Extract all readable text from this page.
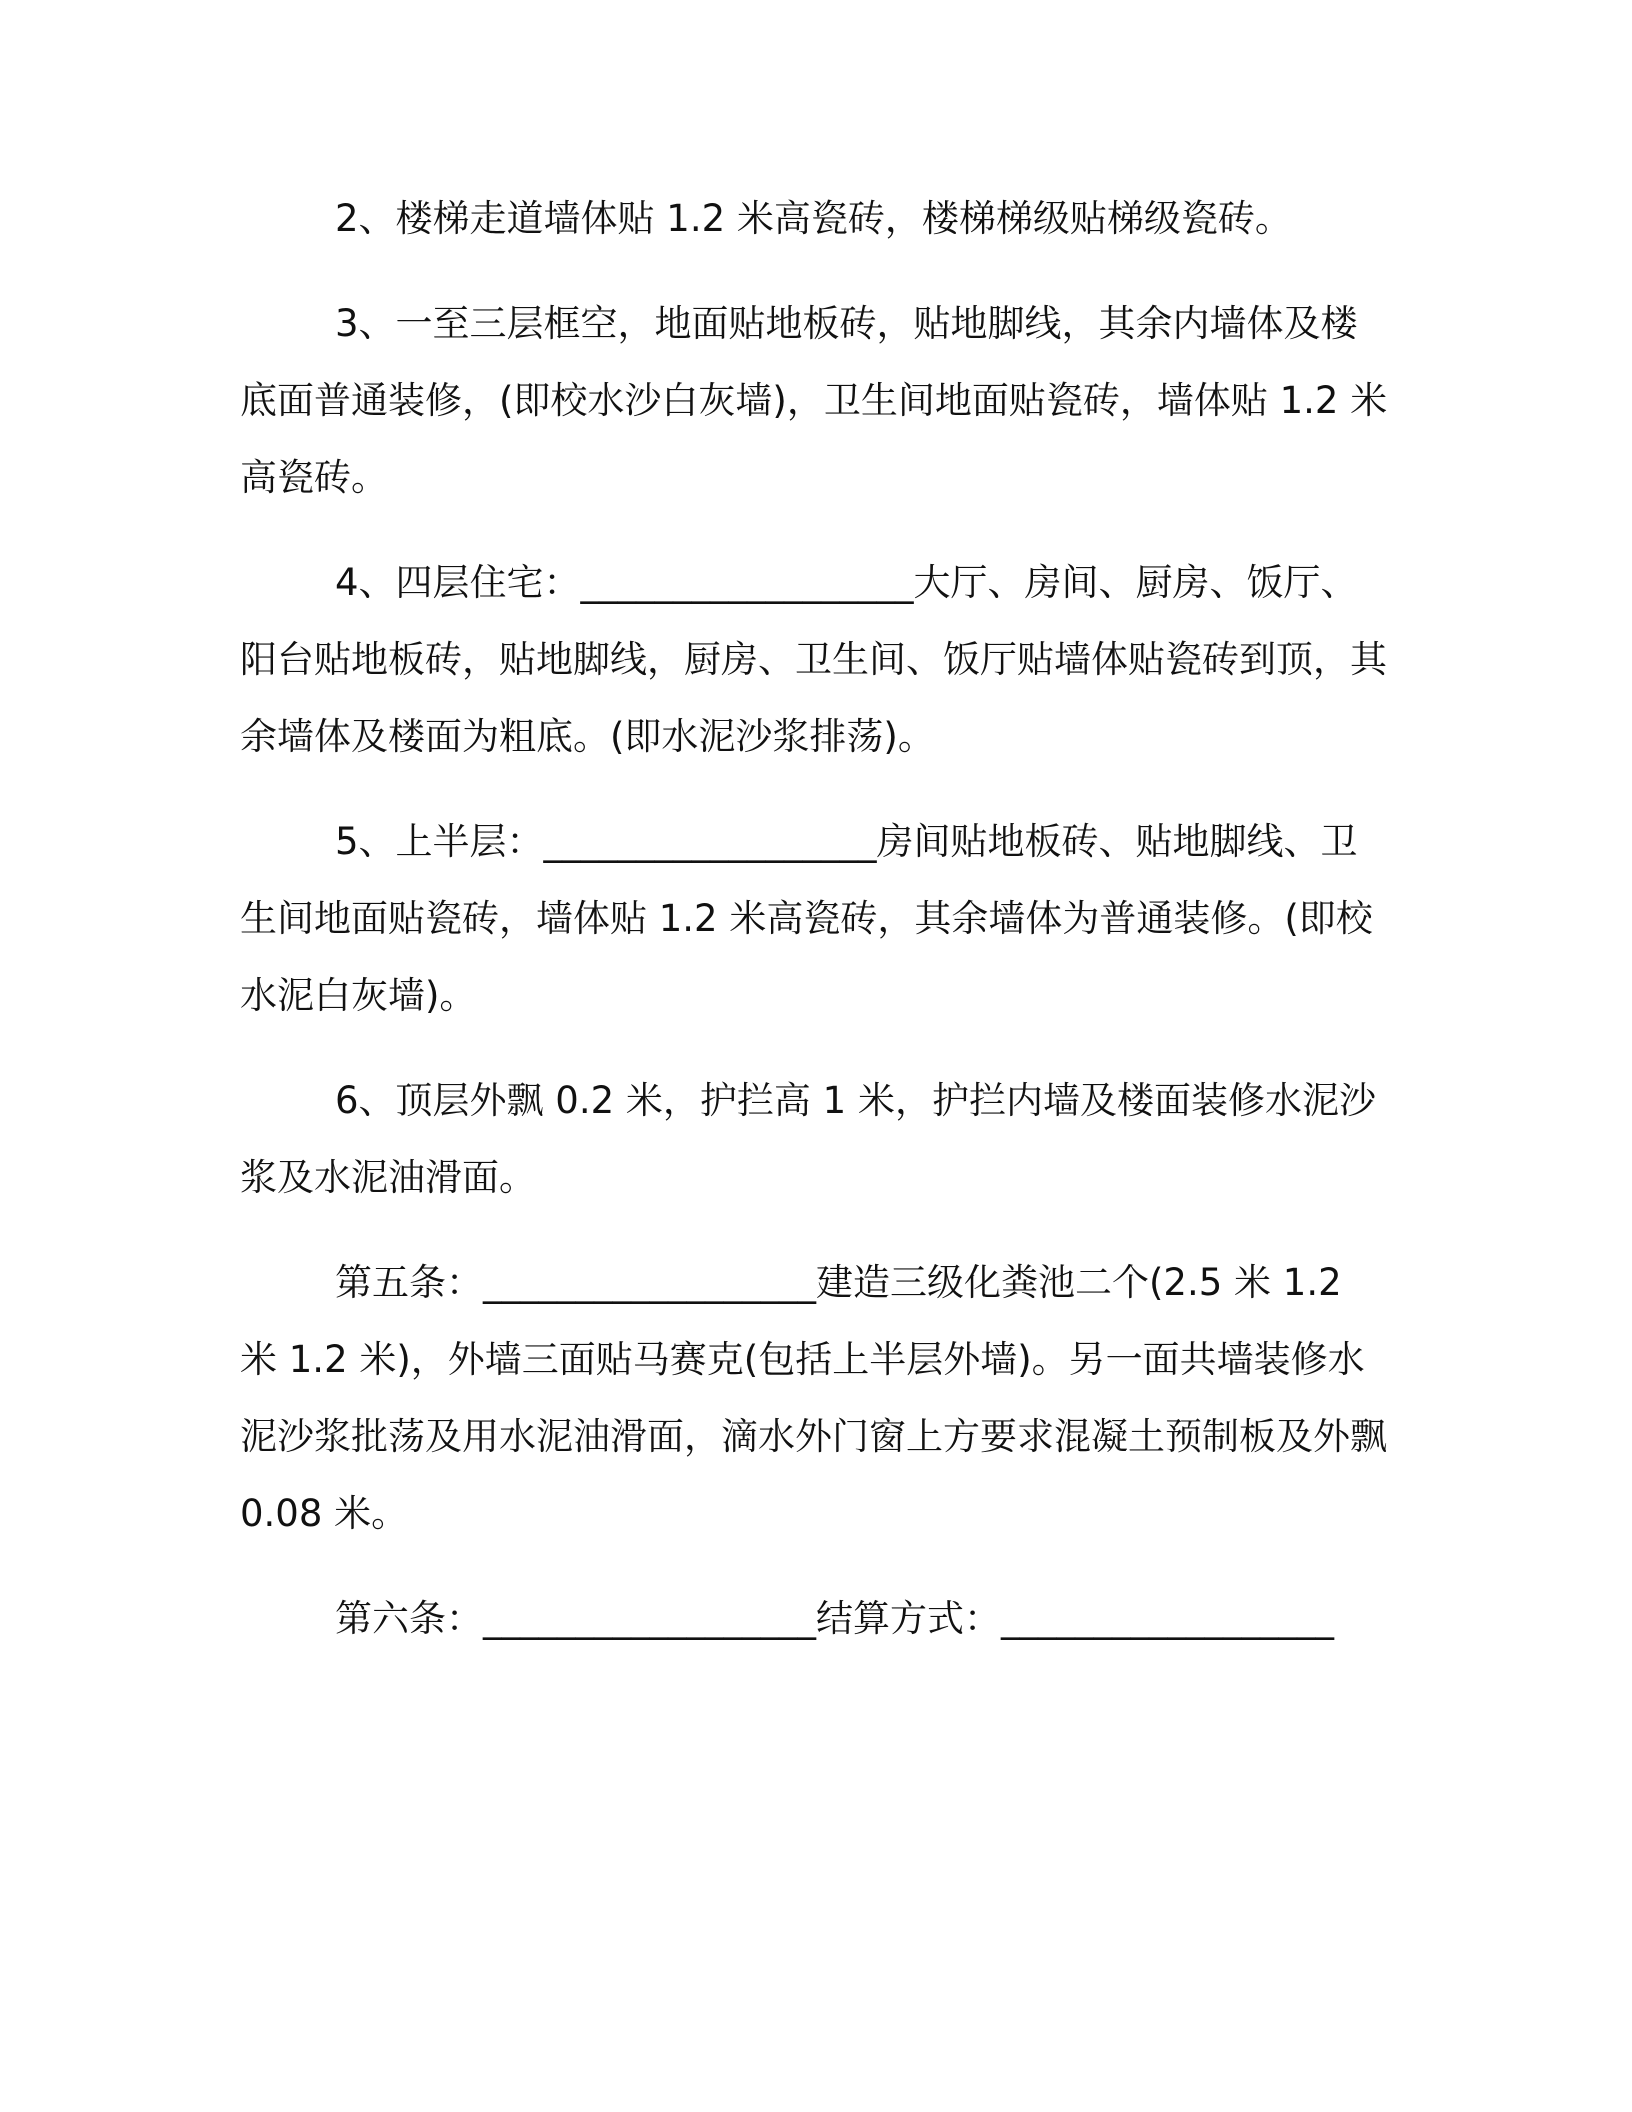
2、楼梯走道墙体贴 1.2 米高瓷砖，楼梯梯级贴梯级瓷砖。

3、一至三层框空，地面贴地板砖，贴地脚线，其余内墙体及楼底面普通装修，(即校水沙白灰墙)，卫生间地面贴瓷砖，墙体贴 1.2 米高瓷砖。

4、四层住宅：__________________大厅、房间、厨房、饭厅、阳台贴地板砖，贴地脚线，厨房、卫生间、饭厅贴墙体贴瓷砖到顶，其余墙体及楼面为粗底。(即水泥沙浆排荡)。

5、上半层：__________________房间贴地板砖、贴地脚线、卫生间地面贴瓷砖，墙体贴 1.2 米高瓷砖，其余墙体为普通装修。(即校水泥白灰墙)。

6、顶层外飘 0.2 米，护拦高 1 米，护拦内墙及楼面装修水泥沙浆及水泥油滑面。

第五条：__________________建造三级化粪池二个(2.5 米 1.2 米 1.2 米)，外墙三面贴马赛克(包括上半层外墙)。另一面共墙装修水泥沙浆批荡及用水泥油滑面，滴水外门窗上方要求混凝土预制板及外飘 0.08 米。

第六条：__________________结算方式：__________________
